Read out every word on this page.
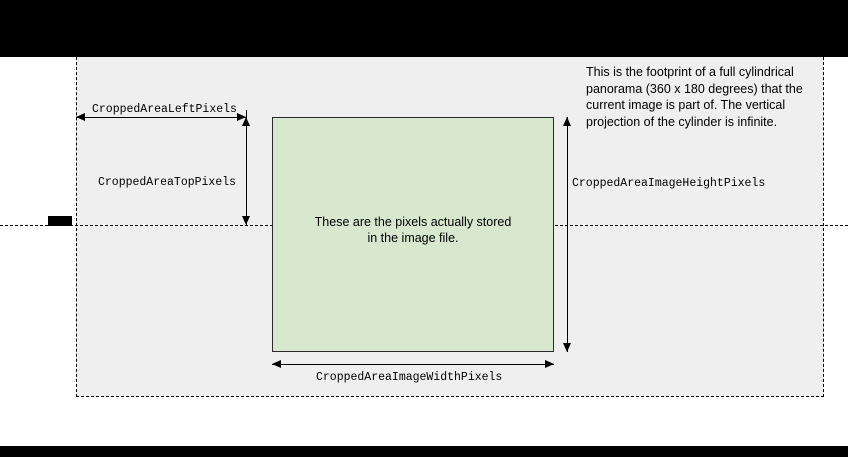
These are the pixels actually stored
in the image file.
This is the footprint of a full cylindrical panorama (360 x 180 degrees) that the current image is part of. The vertical projection of the cylinder is infinite.
CroppedAreaLeftPixels
CroppedAreaTopPixels	CroppedAreaImageHeightPixels
CroppedAreaImageWidthPixels
